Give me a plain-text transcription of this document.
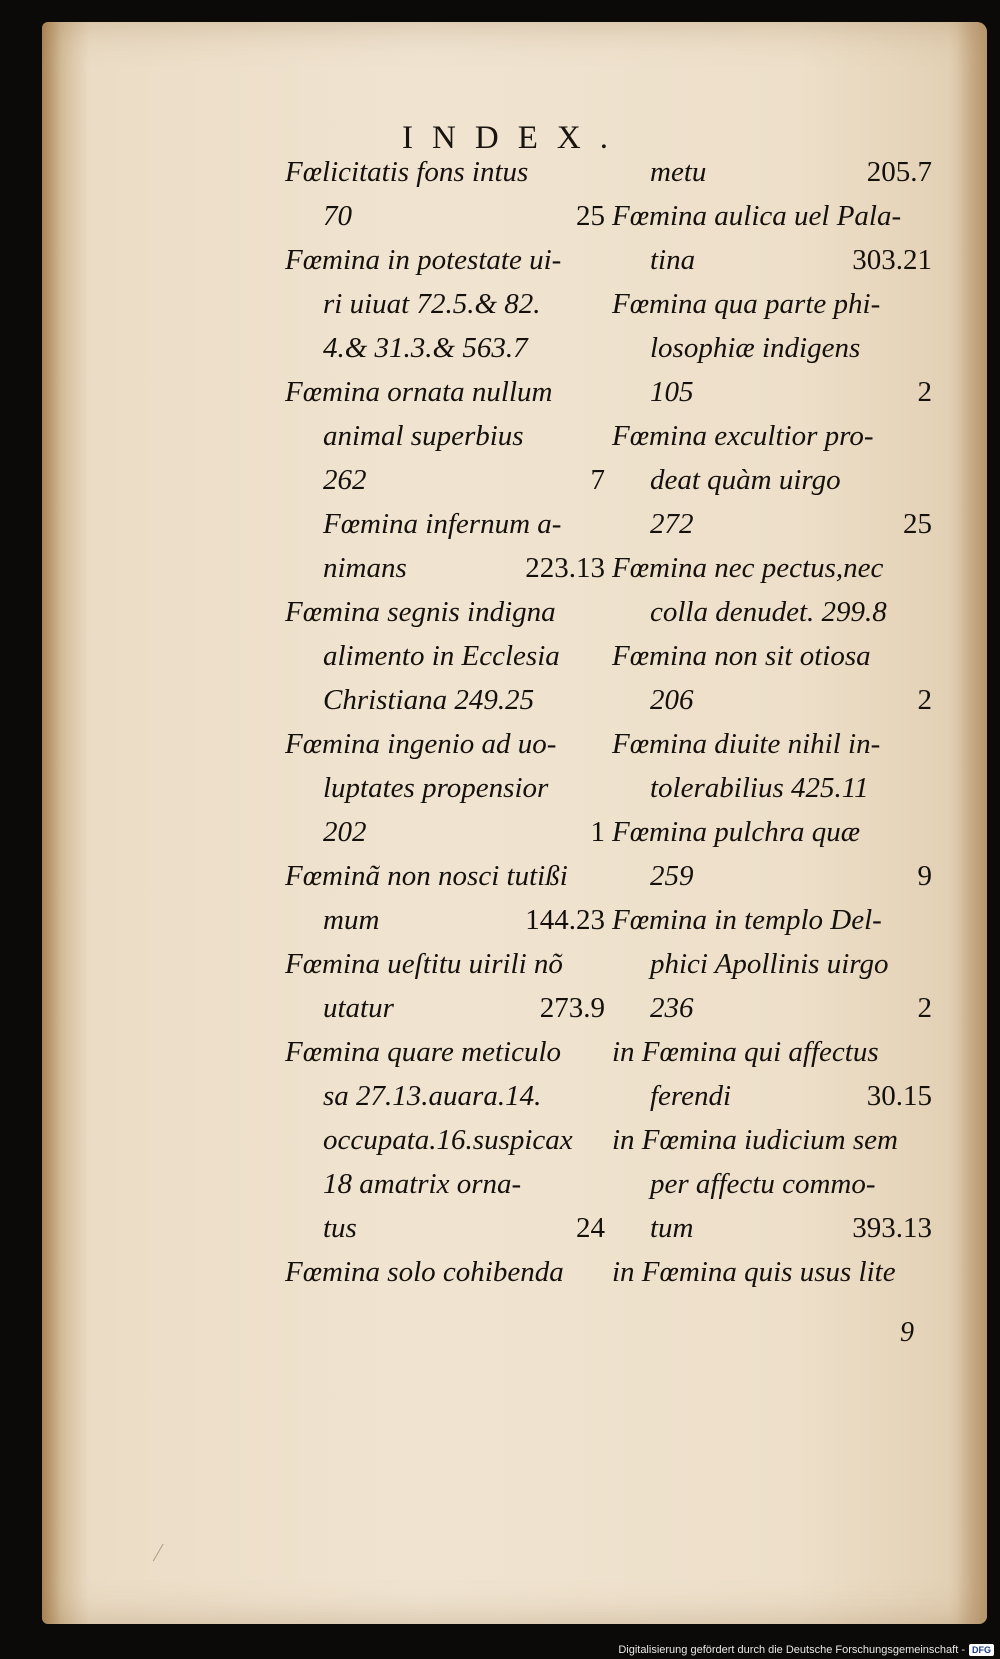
INDEX.
Fœlicitatis fons intus
70	25
Fœmina in potestate ui-
ri uiuat 72.5.& 82.
4.& 31.3.& 563.7
Fœmina ornata nullum
animal superbius
262	7
Fœmina infernum a-
nimans	223.13
Fœmina segnis indigna
alimento in Ecclesia
Christiana 249.25
Fœmina ingenio ad uo-
luptates propensior
202	1
Fœminã non nosci tutißi
mum	144.23
Fœmina ueſtitu uirili nõ
utatur	273.9
Fœmina quare meticulo
sa 27.13.auara.14.
occupata.16.suspicax
18 amatrix orna-
tus	24
Fœmina solo cohibenda
metu	205.7
Fœmina aulica uel Pala-
tina	303.21
Fœmina qua parte phi-
losophiæ indigens
105	2
Fœmina excultior pro-
deat quàm uirgo
272	25
Fœmina nec pectus,nec
colla denudet. 299.8
Fœmina non sit otiosa
206	2
Fœmina diuite nihil in-
tolerabilius 425.11
Fœmina pulchra quæ
259	9
Fœmina in templo Del-
phici Apollinis uirgo
236	2
in Fœmina qui affectus
ferendi	30.15
in Fœmina iudicium sem
per affectu commo-
tum	393.13
in Fœmina quis usus lite
9
Digitalisierung gefördert durch die Deutsche Forschungsgemeinschaft - DFG
